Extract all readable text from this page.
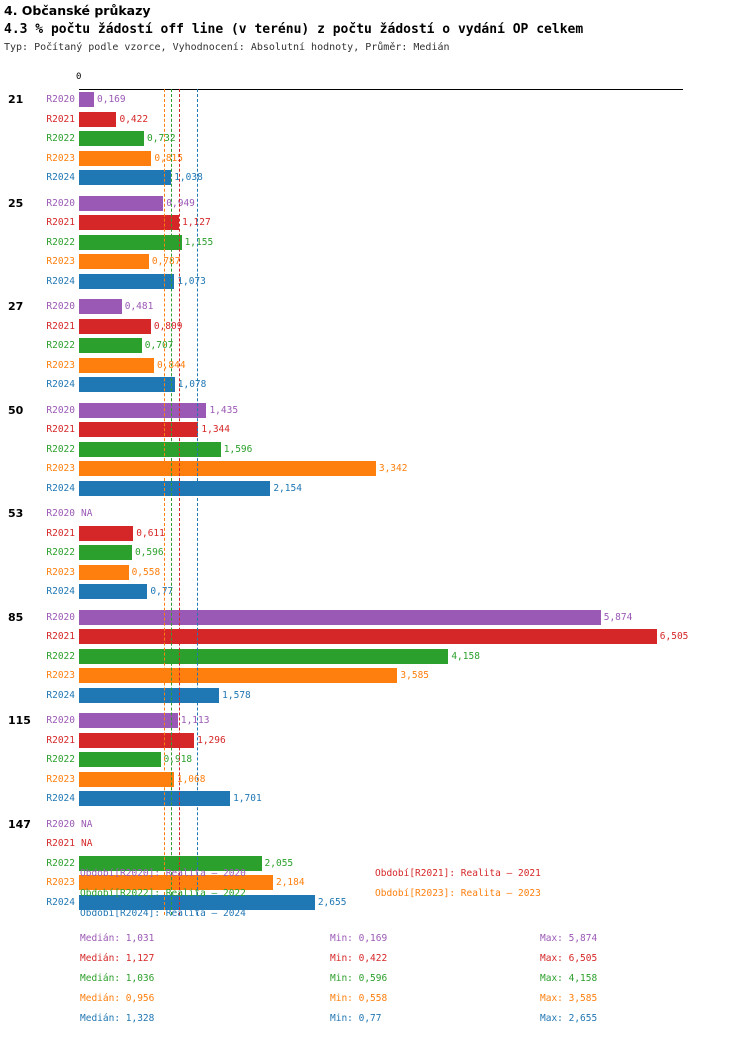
4. Občanské průkazy
4.3 % počtu žádostí off line (v terénu) z počtu žádostí o vydání OP celkem
Typ: Počítaný podle vzorce, Vyhodnocení: Absolutní hodnoty, Průměr: Medián
0
21	R2020 0,169
R2021	0,422
R2022	0,732
R2023	0,815
R2024	1,038
25	R2020	0,949
R2021	1,127
R2022	1,155
R2023	0,787
R2024	1,073
27	R2020	0,481
R2021	0,809
R2022	0,707
R2023	0,844
R2024	1,078
50	R2020	1,435
R2021	1,344
R2022	1,596
R2023	3,342
R2024	2,154
53	R2020 NA
R2021	0,611
R2022	0,596
R2023	0,558
R2024	0,77
85	R2020	5,874
R2021	6,505
R2022	4,158
R2023	3,585
R2024	1,578
115	R2020	1,113
R2021	1,296
R2022	0,918
R2023	1,068
R2024	1,701
147	R2020 NA
R2021 NA
R2022	2,055
R2023	2,184
R2024	2,655
Období[R2020]: Realita – 2020	Období[R2021]: Realita – 2021
Období[R2022]: Realita – 2022	Období[R2023]: Realita – 2023
Období[R2024]: Realita – 2024
Medián: 1,031	Min: 0,169	Max: 5,874
Medián: 1,127	Min: 0,422	Max: 6,505
Medián: 1,036	Min: 0,596	Max: 4,158
Medián: 0,956	Min: 0,558	Max: 3,585
Medián: 1,328	Min: 0,77	Max: 2,655
